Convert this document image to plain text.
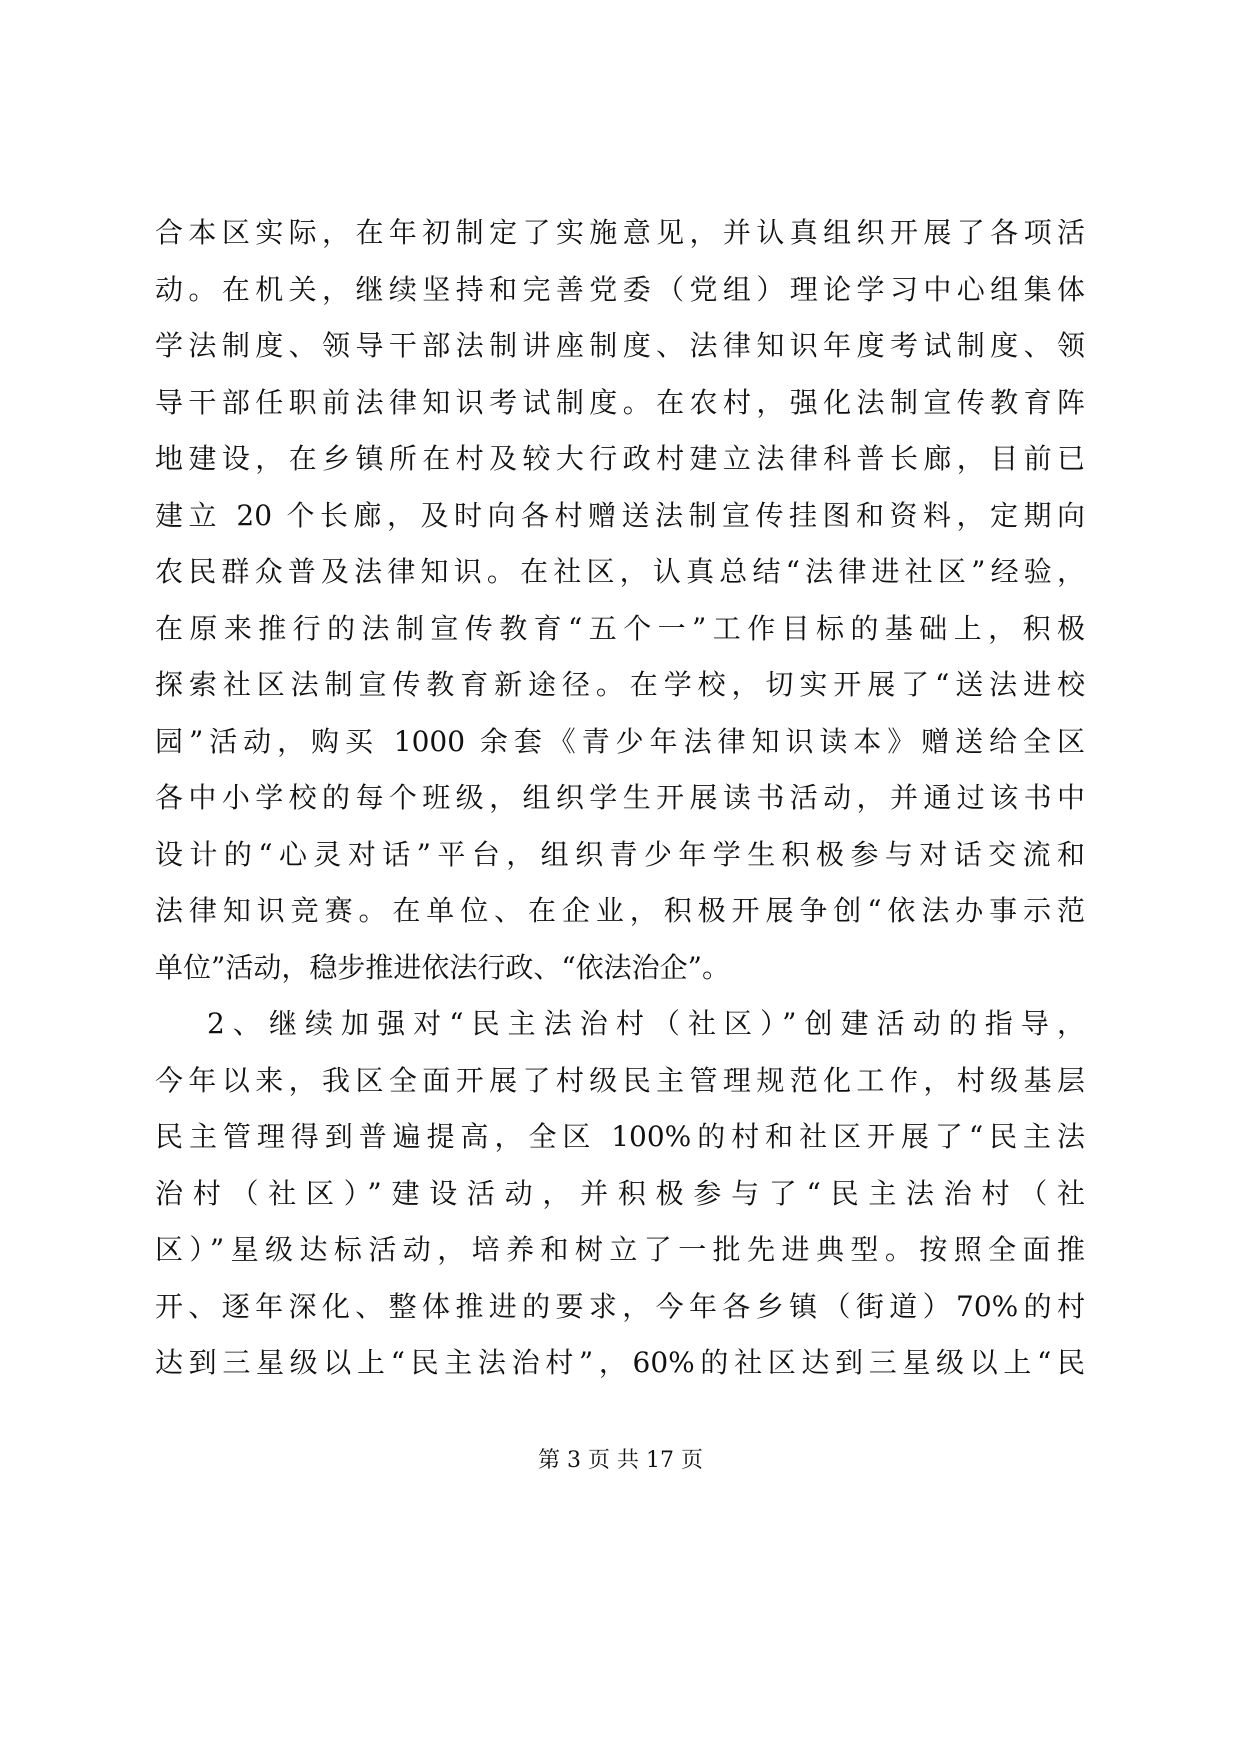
合本区实际，在年初制定了实施意见，并认真组织开展了各项活
动。在机关，继续坚持和完善党委（党组）理论学习中心组集体
学法制度、领导干部法制讲座制度、法律知识年度考试制度、领
导干部任职前法律知识考试制度。在农村，强化法制宣传教育阵
地建设，在乡镇所在村及较大行政村建立法律科普长廊，目前已
建立 20 个长廊，及时向各村赠送法制宣传挂图和资料，定期向
农民群众普及法律知识。在社区，认真总结“法律进社区”经验，
在原来推行的法制宣传教育“五个一”工作目标的基础上，积极
探索社区法制宣传教育新途径。在学校，切实开展了“送法进校
园”活动，购买 1000 余套《青少年法律知识读本》赠送给全区
各中小学校的每个班级，组织学生开展读书活动，并通过该书中
设计的“心灵对话”平台，组织青少年学生积极参与对话交流和
法律知识竞赛。在单位、在企业，积极开展争创“依法办事示范
单位”活动，稳步推进依法行政、“依法治企”。
2、继续加强对“民主法治村（社区）”创建活动的指导，
今年以来，我区全面开展了村级民主管理规范化工作，村级基层
民主管理得到普遍提高，全区 100%的村和社区开展了“民主法
治村（社区）”建设活动，并积极参与了“民主法治村（社
区）”星级达标活动，培养和树立了一批先进典型。按照全面推
开、逐年深化、整体推进的要求，今年各乡镇（街道）70%的村
达到三星级以上“民主法治村”，60%的社区达到三星级以上“民
第 3 页 共 17 页
